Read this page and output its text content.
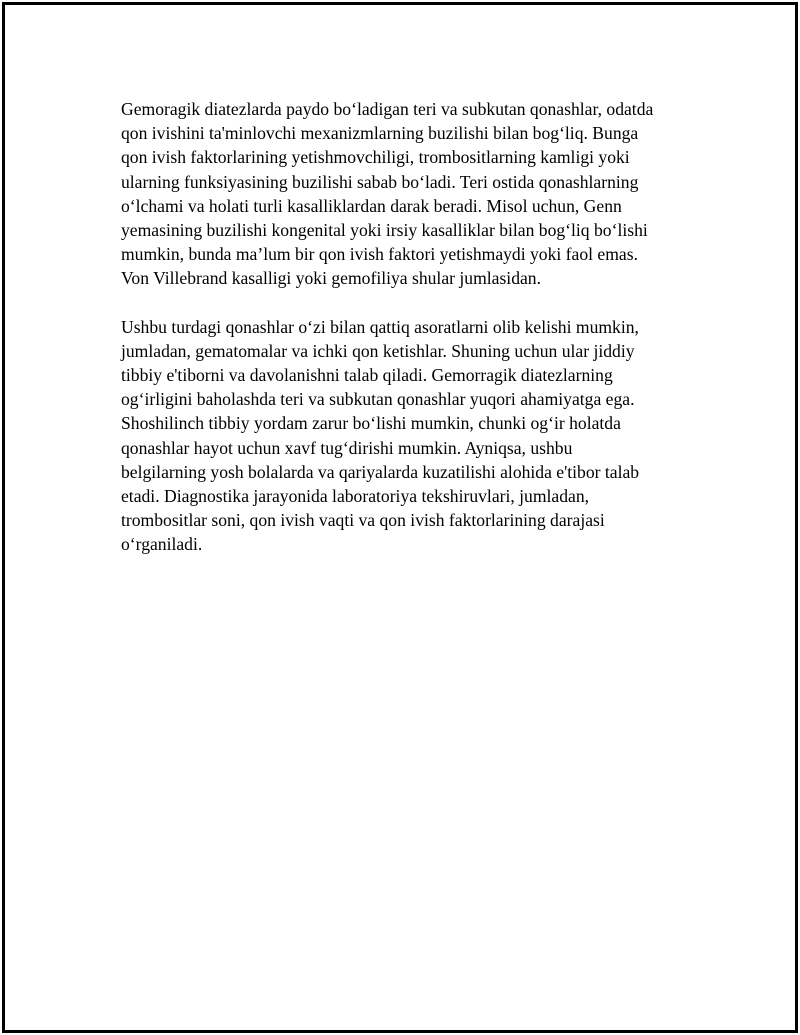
Gemoragik diatezlarda paydo bo‘ladigan teri va subkutan qonashlar, odatda
qon ivishini ta'minlovchi mexanizmlarning buzilishi bilan bog‘liq. Bunga
qon ivish faktorlarining yetishmovchiligi, trombositlarning kamligi yoki
ularning funksiyasining buzilishi sabab bo‘ladi. Teri ostida qonashlarning
o‘lchami va holati turli kasalliklardan darak beradi. Misol uchun, Genn
yemasining buzilishi kongenital yoki irsiy kasalliklar bilan bog‘liq bo‘lishi
mumkin, bunda ma’lum bir qon ivish faktori yetishmaydi yoki faol emas.
Von Villebrand kasalligi yoki gemofiliya shular jumlasidan.

Ushbu turdagi qonashlar o‘zi bilan qattiq asoratlarni olib kelishi mumkin,
jumladan, gematomalar va ichki qon ketishlar. Shuning uchun ular jiddiy
tibbiy e'tiborni va davolanishni talab qiladi. Gemorragik diatezlarning
og‘irligini baholashda teri va subkutan qonashlar yuqori ahamiyatga ega.
Shoshilinch tibbiy yordam zarur bo‘lishi mumkin, chunki og‘ir holatda
qonashlar hayot uchun xavf tug‘dirishi mumkin. Ayniqsa, ushbu
belgilarning yosh bolalarda va qariyalarda kuzatilishi alohida e'tibor talab
etadi. Diagnostika jarayonida laboratoriya tekshiruvlari, jumladan,
trombositlar soni, qon ivish vaqti va qon ivish faktorlarining darajasi
o‘rganiladi.
